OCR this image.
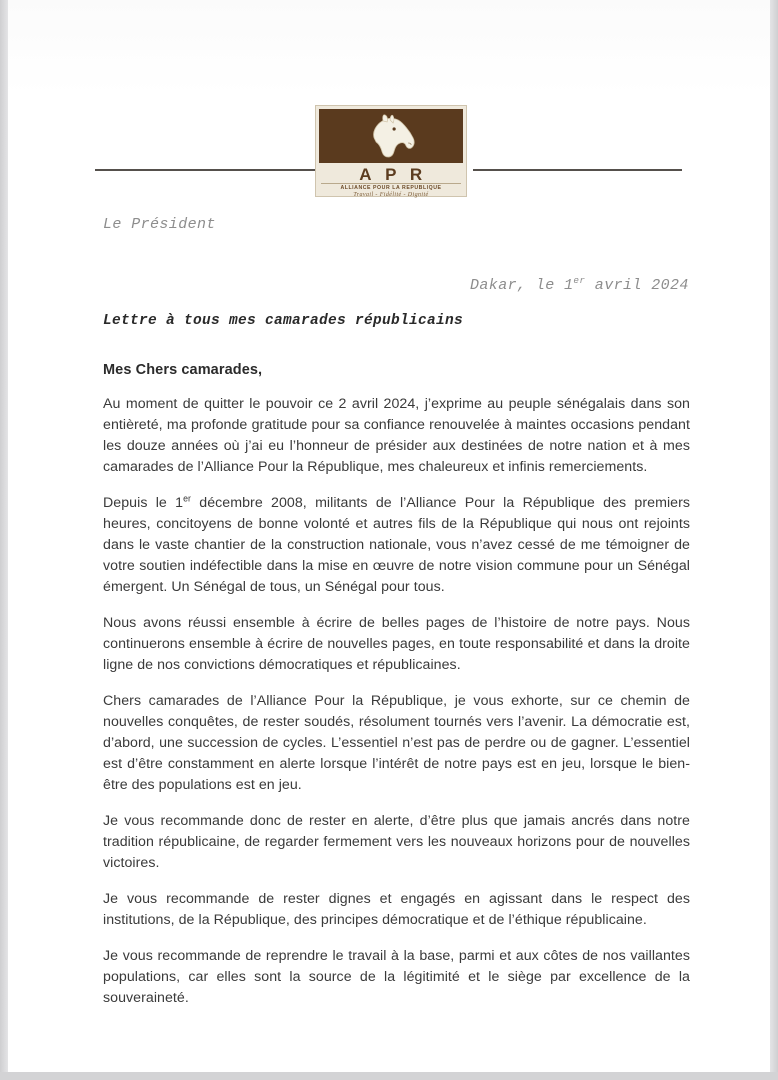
A P R
ALLIANCE POUR LA REPUBLIQUE
Travail - Fidélité - Dignité
Le Président
Dakar, le 1er avril 2024
Lettre à tous mes camarades républicains

Mes Chers camarades,

Au moment de quitter le pouvoir ce 2 avril 2024, j’exprime au peuple sénégalais dans son entièreté, ma profonde gratitude pour sa confiance renouvelée à maintes occasions pendant les douze années où j’ai eu l’honneur de présider aux destinées de notre nation et à mes camarades de l’Alliance Pour la République, mes chaleureux et infinis remerciements.

Depuis le 1er décembre 2008, militants de l’Alliance Pour la République des premiers heures, concitoyens de bonne volonté et autres fils de la République qui nous ont rejoints dans le vaste chantier de la construction nationale, vous n’avez cessé de me témoigner de votre soutien indéfectible dans la mise en œuvre de notre vision commune pour un Sénégal émergent. Un Sénégal de tous, un Sénégal pour tous.

Nous avons réussi ensemble à écrire de belles pages de l’histoire de notre pays. Nous continuerons ensemble à écrire de nouvelles pages, en toute responsabilité et dans la droite ligne de nos convictions démocratiques et républicaines.

Chers camarades de l’Alliance Pour la République, je vous exhorte, sur ce chemin de nouvelles conquêtes, de rester soudés, résolument tournés vers l’avenir. La démocratie est, d’abord, une succession de cycles. L’essentiel n’est pas de perdre ou de gagner. L’essentiel est d’être constamment en alerte lorsque l’intérêt de notre pays est en jeu, lorsque le bien-être des populations est en jeu.

Je vous recommande donc de rester en alerte, d’être plus que jamais ancrés dans notre tradition républicaine, de regarder fermement vers les nouveaux horizons pour de nouvelles victoires.

Je vous recommande de rester dignes et engagés en agissant dans le respect des institutions, de la République, des principes démocratique et de l’éthique républicaine.

Je vous recommande de reprendre le travail à la base, parmi et aux côtes de nos vaillantes populations, car elles sont la source de la légitimité et le siège par excellence de la souveraineté.
